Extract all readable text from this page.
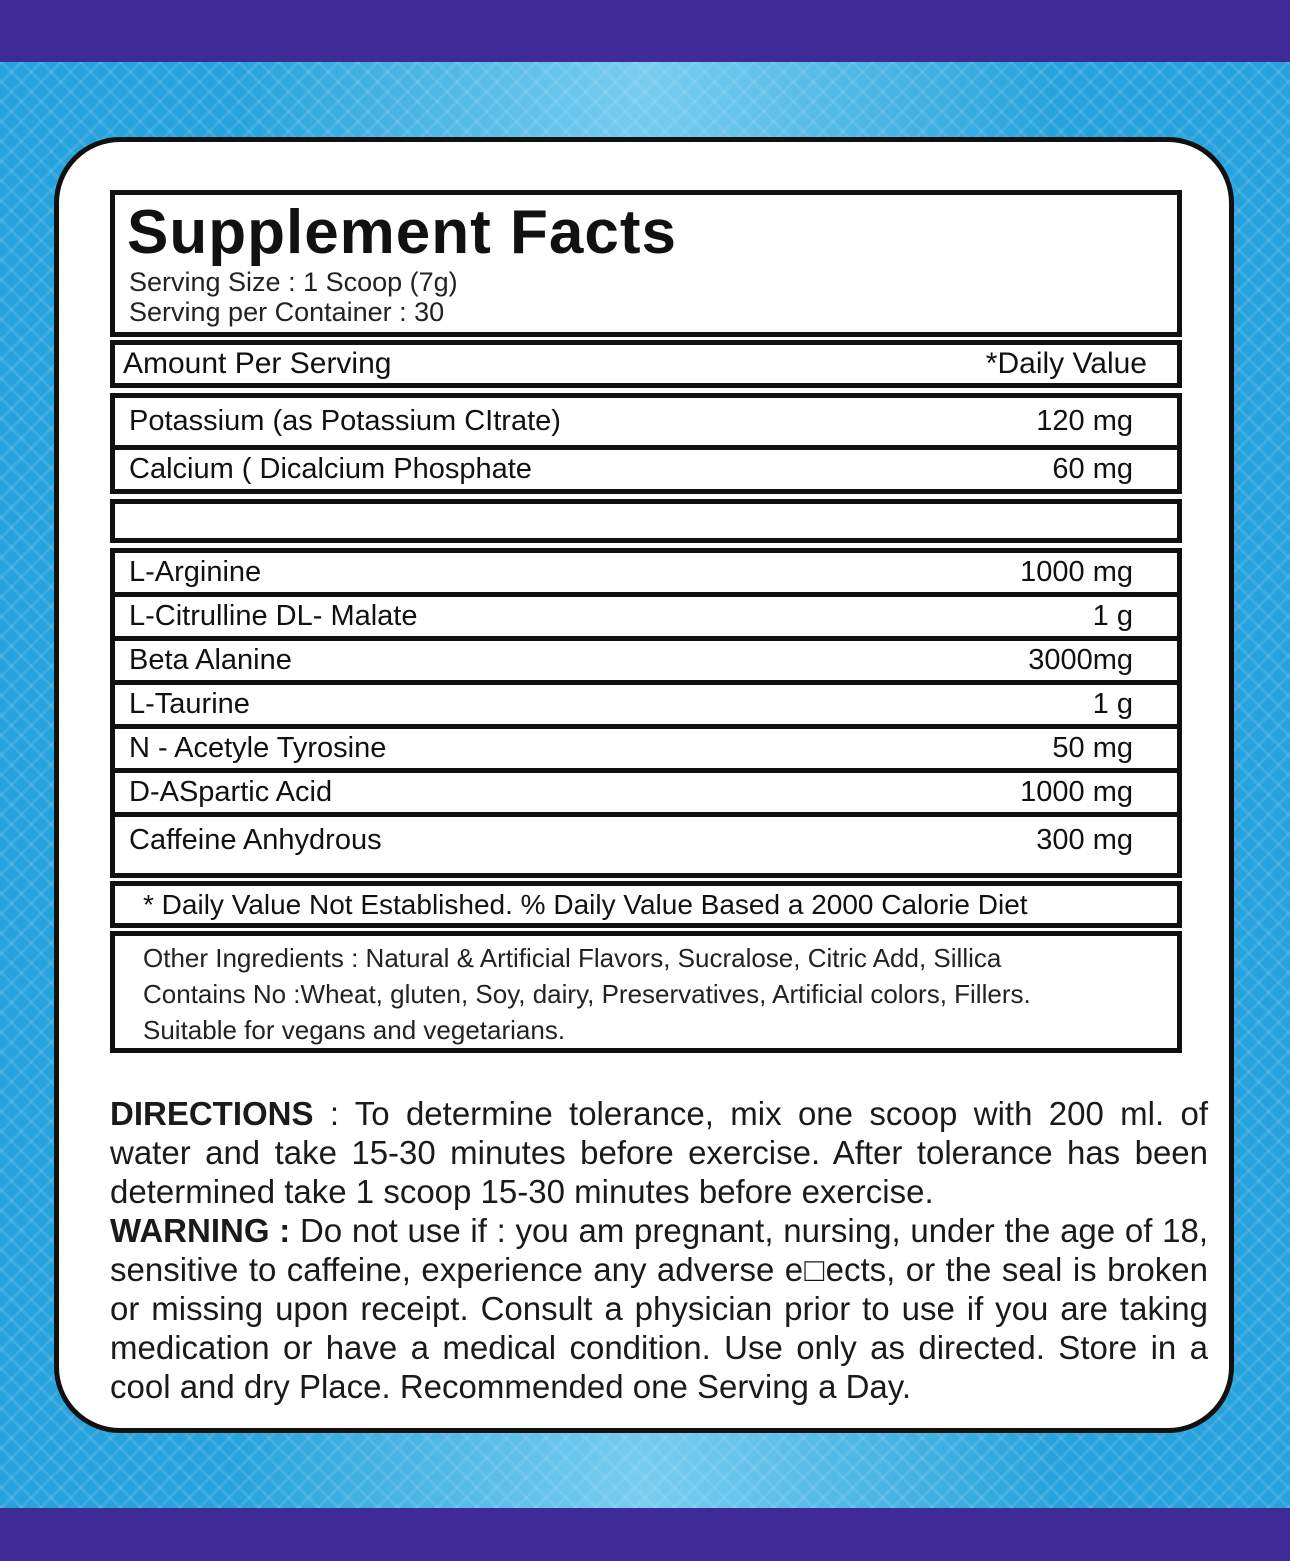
Supplement Facts
Serving Size : 1 Scoop (7g)
Serving per Container : 30
Amount Per Serving	*Daily Value
Potassium (as Potassium CItrate)	120 mg
Calcium ( Dicalcium Phosphate	60 mg
L-Arginine	1000 mg
L-Citrulline DL- Malate	1 g
Beta Alanine	3000mg
L-Taurine	1 g
N - Acetyle Tyrosine	50 mg
D-ASpartic Acid	1000 mg
Caffeine Anhydrous	300 mg
* Daily Value Not Established. % Daily Value Based a 2000 Calorie Diet
Other Ingredients : Natural & Artificial Flavors, Sucralose, Citric Add, Sillica
Contains No :Wheat, gluten, Soy, dairy, Preservatives, Artificial colors, Fillers.
Suitable for vegans and vegetarians.

DIRECTIONS : To determine tolerance, mix one scoop with 200 ml. of water and take 15-30 minutes before exercise. After tolerance has been determined take 1 scoop 15-30 minutes before exercise.

WARNING : Do not use if : you am pregnant, nursing, under the age of 18, sensitive to caffeine, experience any adverse e□ects, or the seal is broken or missing upon receipt. Consult a physician prior to use if you are taking medication or have a medical condition. Use only as directed. Store in a cool and dry Place. Recommended one Serving a Day.
